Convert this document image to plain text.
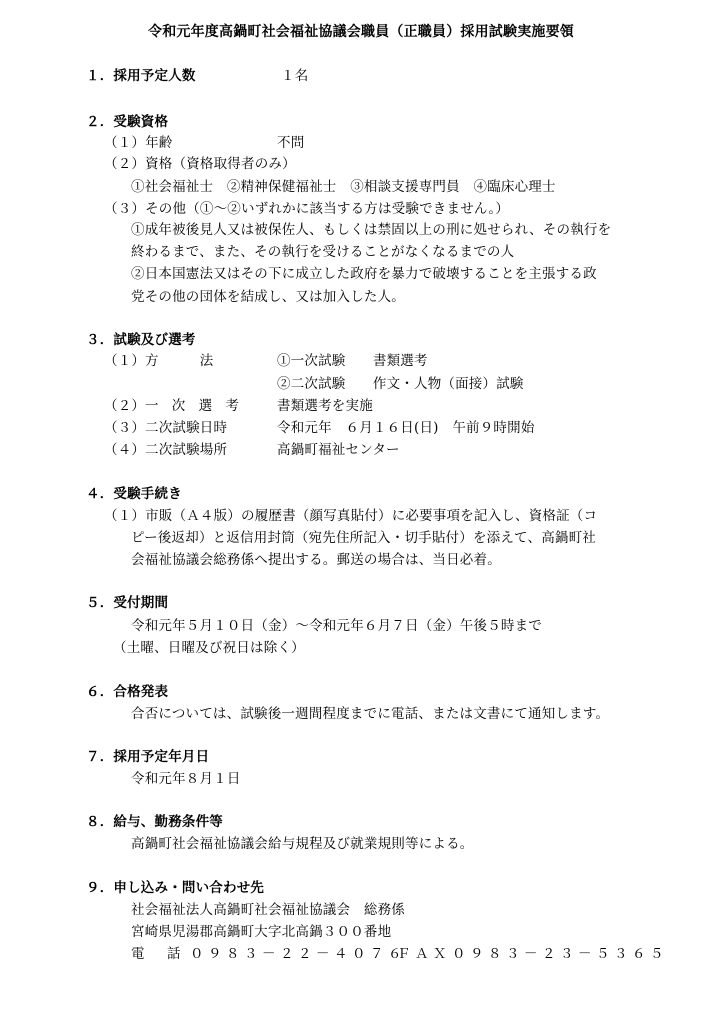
令和元年度高鍋町社会福祉協議会職員（正職員）採用試験実施要領
１．採用予定人数	１名
２．受験資格
（１）年齢	不問
（２）資格（資格取得者のみ）
①社会福祉士　②精神保健福祉士　③相談支援専門員　④臨床心理士
（３）その他（①～②いずれかに該当する方は受験できません。）
①成年被後見人又は被保佐人、もしくは禁固以上の刑に処せられ、その執行を
終わるまで、また、その執行を受けることがなくなるまでの人
②日本国憲法又はその下に成立した政府を暴力で破壊することを主張する政
党その他の団体を結成し、又は加入した人。
３．試験及び選考
（１） 方　　　法	①一次試験　　書類選考
②二次試験　　作文・人物（面接）試験
（２） 一 次 選 考 書類選考を実施
（３） 二次試験日時	令和元年　６月１６日(日)　午前９時開始
（４） 二次試験場所	高鍋町福祉センター
４．受験手続き
（１）市販（Ａ４版）の履歴書（顔写真貼付）に必要事項を記入し、資格証（コ
ピー後返却）と返信用封筒（宛先住所記入・切手貼付）を添えて、高鍋町社
会福祉協議会総務係へ提出する。郵送の場合は、当日必着。
５．受付期間
令和元年５月１０日（金）～令和元年６月７日（金）午後５時まで
（土曜、日曜及び祝日は除く）
６．合格発表
合否については、試験後一週間程度までに電話、または文書にて通知します。
７．採用予定年月日
令和元年８月１日
８．給与、勤務条件等
高鍋町社会福祉協議会給与規程及び就業規則等による。
９．申し込み・問い合わせ先
社会福祉法人高鍋町社会福祉協議会　総務係
宮崎県児湯郡高鍋町大字北高鍋３００番地
電　話 ０９８３－２２－４０７６
ＦＡＸ ０９８３－２３－５３６５
